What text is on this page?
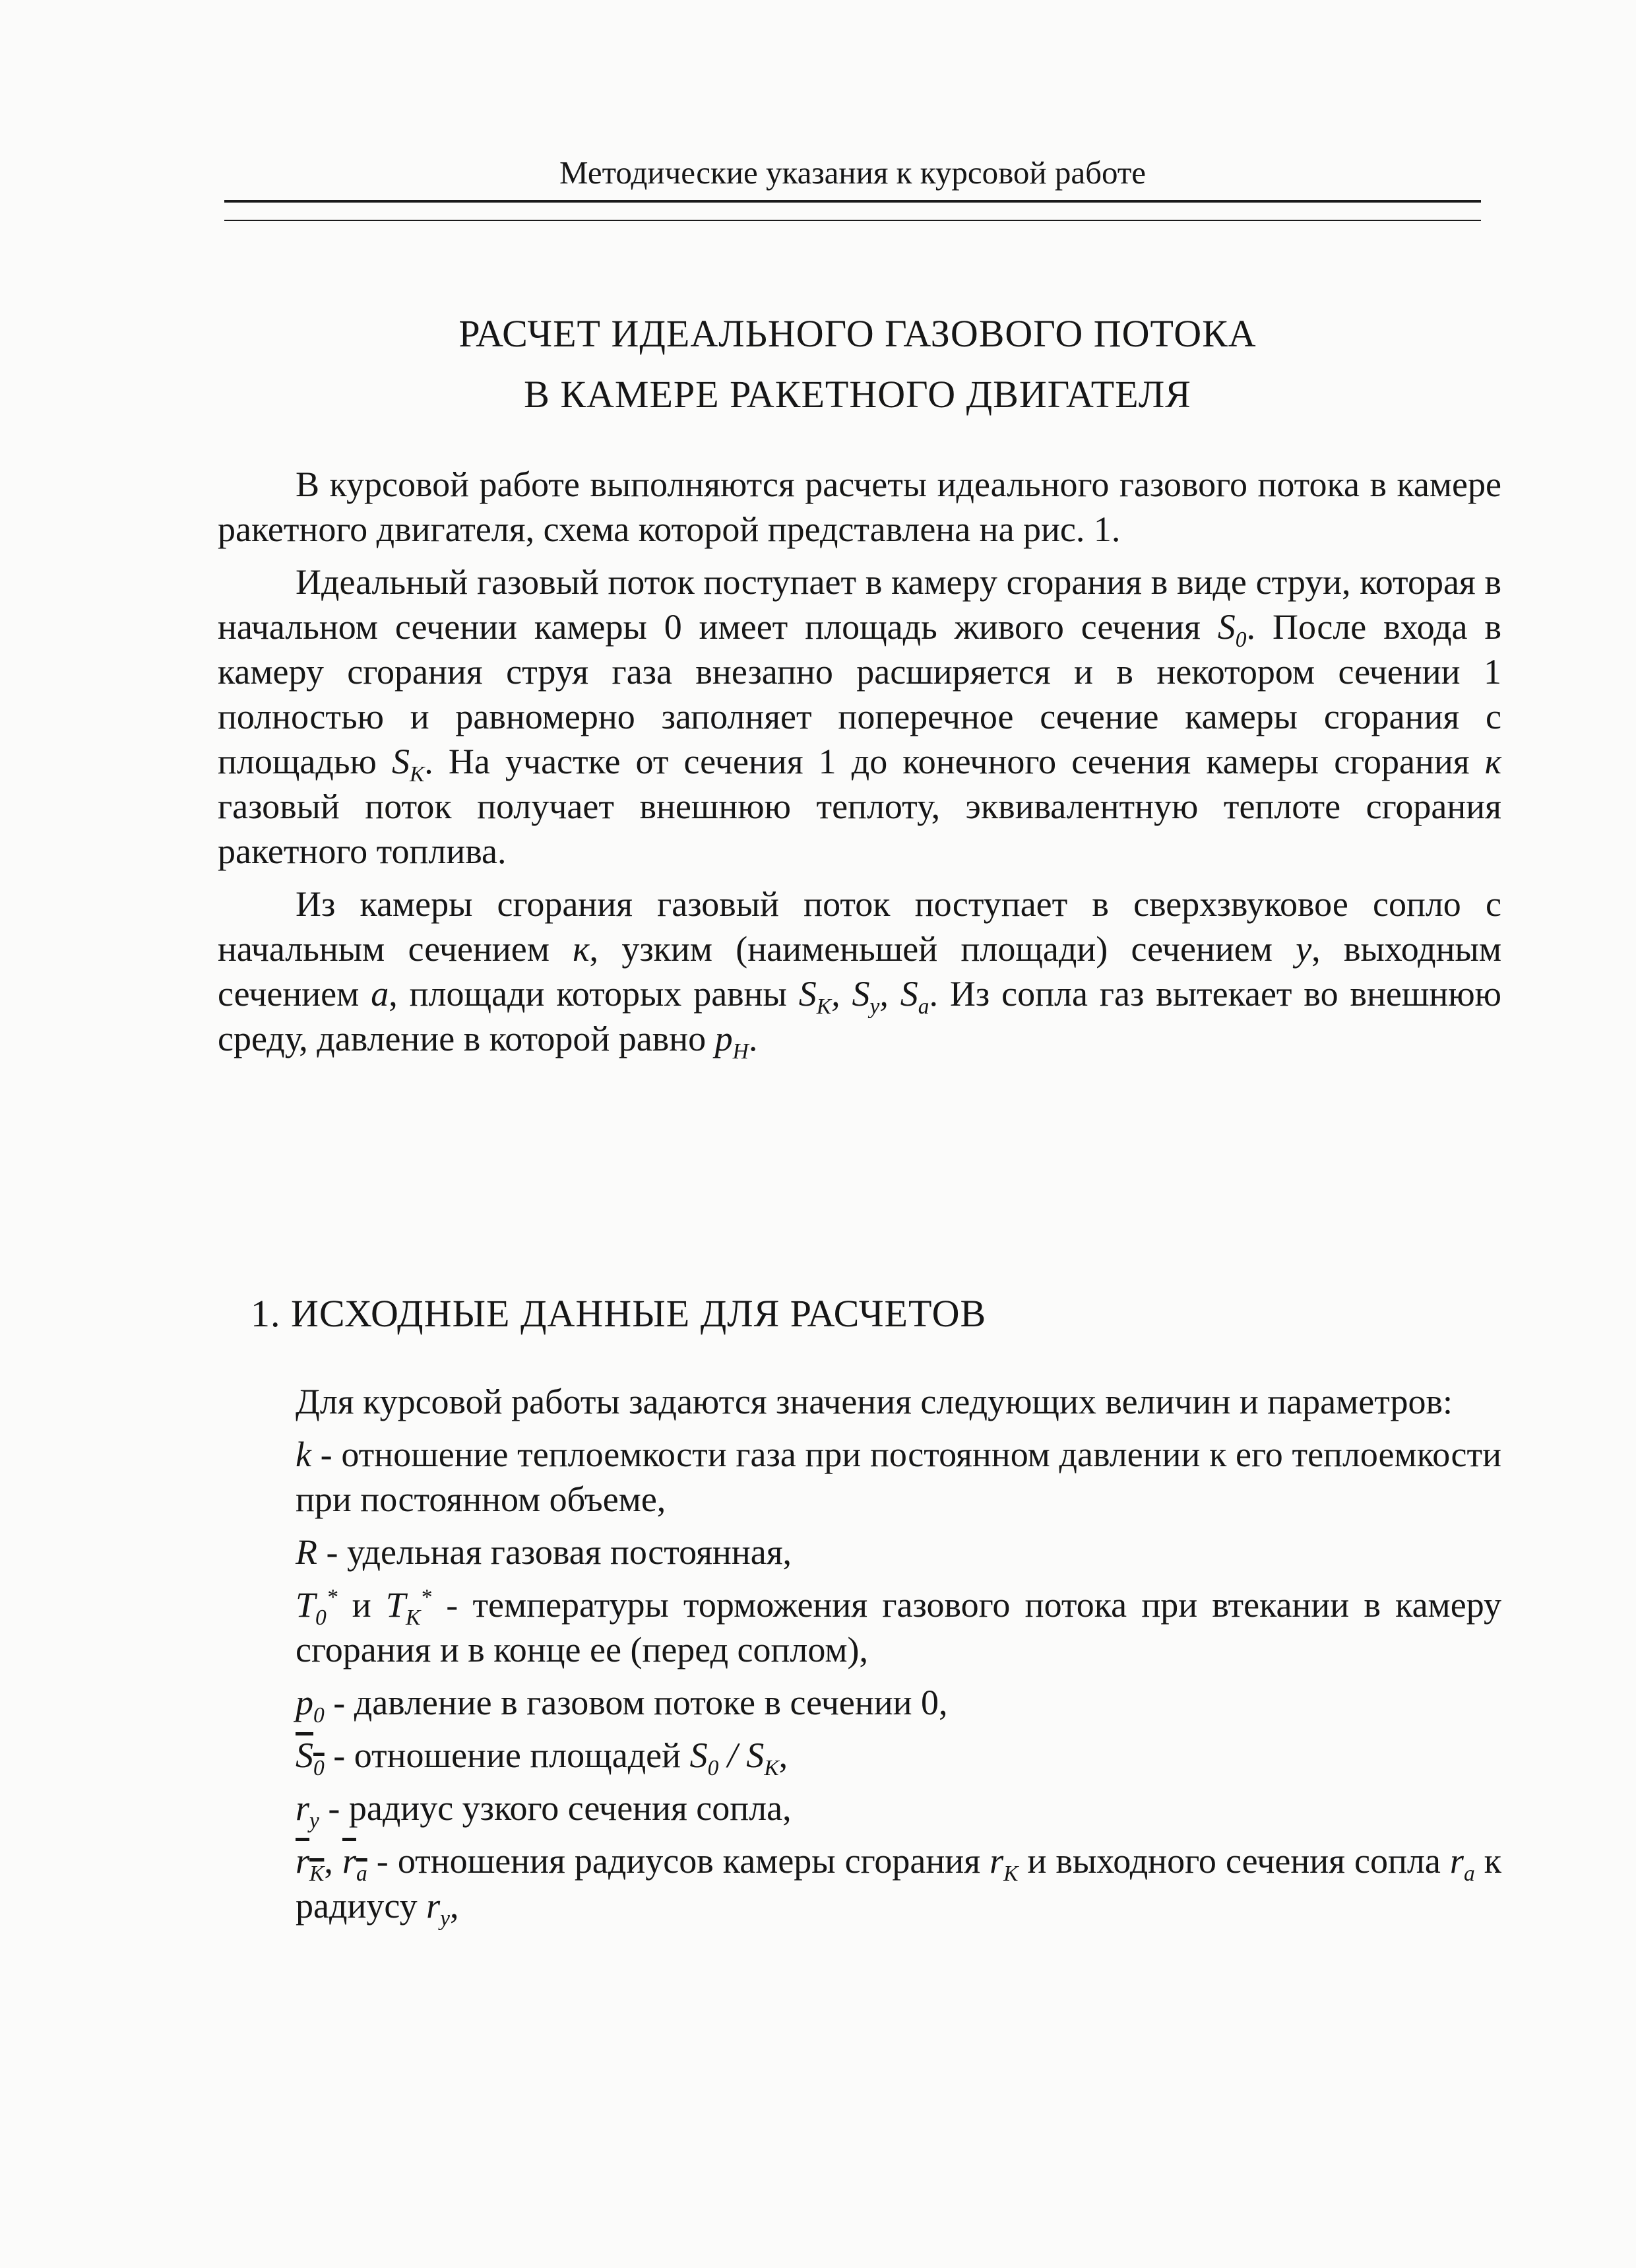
Методические указания к курсовой работе
РАСЧЕТ ИДЕАЛЬНОГО ГАЗОВОГО ПОТОКА
В КАМЕРЕ РАКЕТНОГО ДВИГАТЕЛЯ

В курсовой работе выполняются расчеты идеального газового потока в камере ракетного двигателя, схема которой представлена на рис. 1.

Идеальный газовый поток поступает в камеру сгорания в виде струи, которая в начальном сечении камеры 0 имеет площадь живого сечения $S_0$. После входа в камеру сгорания струя газа внезапно расширяется и в некотором сечении 1 полностью и равномерно заполняет поперечное сечение камеры сгорания с площадью $S_K$. На участке от сечения 1 до конечного сечения камеры сгорания к газовый поток получает внешнюю теплоту, эквивалентную теплоте сгорания ракетного топлива.

Из камеры сгорания газовый поток поступает в сверхзвуковое сопло с начальным сечением к, узким (наименьшей площади) сечением y, выходным сечением a, площади которых равны $S_K$, $S_y$, $S_a$. Из сопла газ вытекает во внешнюю среду, давление в которой равно $p_H$.

1. ИСХОДНЫЕ ДАННЫЕ ДЛЯ РАСЧЕТОВ

Для курсовой работы задаются значения следующих величин и параметров:

k - отношение теплоемкости газа при постоянном давлении к его теплоемкости при постоянном объеме,

R - удельная газовая постоянная,

$T_0^*$ и $T_K^*$ - температуры торможения газового потока при втекании в камеру сгорания и в конце ее (перед соплом),

$p_0$ - давление в газовом потоке в сечении 0,

$S_0$ - отношение площадей $S_0 / S_K$,

$r_y$ - радиус узкого сечения сопла,

$r_K$, $r_a$ - отношения радиусов камеры сгорания $r_K$ и выходного сечения сопла $r_a$ к радиусу $r_y$,
